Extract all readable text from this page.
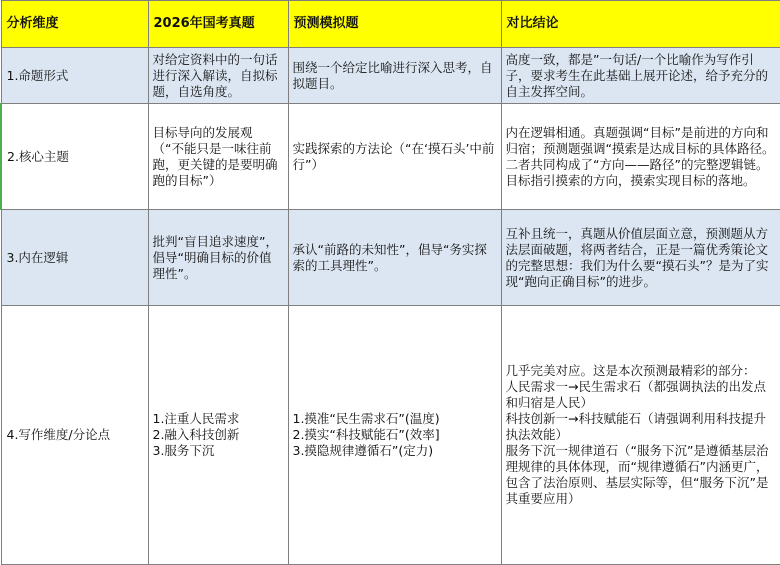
分析维度	2026年国考真题	预测模拟题	对比结论
1.命题形式	对给定资料中的一句话进行深入解读，自拟标题，自选角度。	围绕一个给定比喻进行深入思考，自拟题目。	高度一致，都是”一句话/一个比喻作为写作引子，要求考生在此基础上展开论述，给予充分的自主发挥空间。
2.核心主题	目标导向的发展观（“不能只是一味往前跑，更关键的是要明确跑的目标”）	实践探索的方法论（“在‘摸石头’中前行”）	内在逻辑相通。真题强调“目标”是前进的方向和归宿；预测题强调“摸索是达成目标的具体路径。二者共同构成了“方向——路径”的完整逻辑链。目标指引摸索的方向，摸索实现目标的落地。
3.内在逻辑	批判“盲目追求速度”，倡导“明确目标的价值理性”。	承认“前路的未知性”，倡导“务实探索的工具理性”。	互补且统一，真题从价值层面立意，预测题从方法层面破题，将两者结合，正是一篇优秀策论文的完整思想：我们为什么要“摸石头”？是为了实现“跑向正确目标”的进步。
4.写作维度/分论点	1.注重人民需求
2.融入科技创新
3.服务下沉	1.摸准“民生需求石”(温度)
2.摸实“科技赋能石”(效率]
3.摸隐规律遵循石”(定力)	几乎完美对应。这是本次预测最精彩的部分：
人民需求一→民生需求石（都强调执法的出发点和归宿是人民）
科技创新一→科技赋能石（请强调利用科技提升执法效能）
服务下沉一规律道石（“服务下沉”是遵循基层治理规律的具体体现，而“规律遵循石”内涵更广，包含了法治原则、基层实际等，但“服务下沉”是其重要应用）
